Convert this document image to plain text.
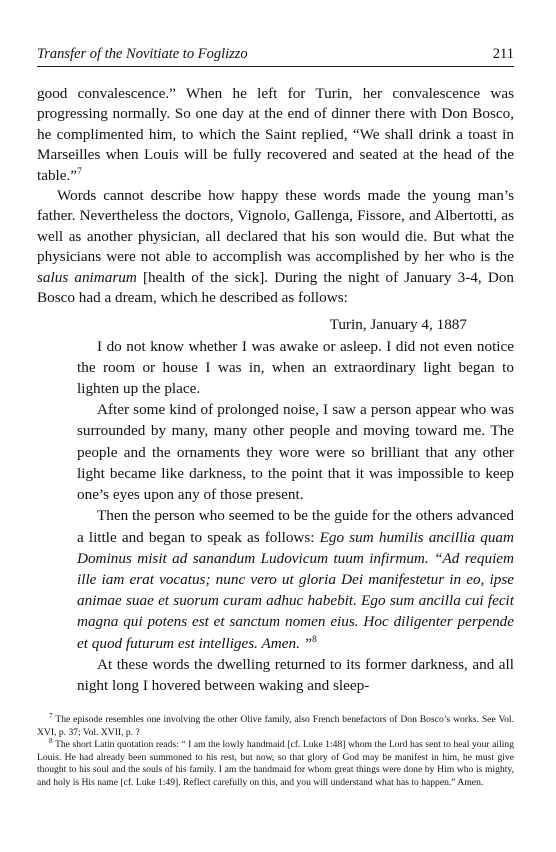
Transfer of the Novitiate to Foglizzo	211

good convalescence.” When he left for Turin, her convalescence was progressing normally. So one day at the end of dinner there with Don Bosco, he complimented him, to which the Saint replied, “We shall drink a toast in Marseilles when Louis will be fully recovered and seated at the head of the table.”$^7$

Words cannot describe how happy these words made the young man’s father. Nevertheless the doctors, Vignolo, Gallenga, Fissore, and Albertotti, as well as another physician, all declared that his son would die. But what the physicians were not able to accomplish was accomplished by her who is the salus animarum [health of the sick]. During the night of January 3-4, Don Bosco had a dream, which he described as follows:

Turin, January 4, 1887

I do not know whether I was awake or asleep. I did not even notice the room or house I was in, when an extraordinary light began to lighten up the place.

After some kind of prolonged noise, I saw a person appear who was surrounded by many, many other people and moving toward me. The people and the ornaments they wore were so brilliant that any other light became like darkness, to the point that it was impossible to keep one’s eyes upon any of those present.

Then the person who seemed to be the guide for the others advanced a little and began to speak as follows: Ego sum humilis ancillia quam Dominus misit ad sanandum Ludovicum tuum infirmum. “Ad requiem ille iam erat vocatus; nunc vero ut gloria Dei manifestetur in eo, ipse animae suae et suorum curam adhuc habebit. Ego sum ancilla cui fecit magna qui potens est et sanctum nomen eius. Hoc diligenter perpende et quod futurum est intelliges. Amen. ”$^8$

At these words the dwelling returned to its former darkness, and all night long I hovered between waking and sleep-

$^7$ The episode resembles one involving the other Olive family, also French benefactors of Don Bosco’s works. See Vol. XVI, p. 37; Vol. XVII, p. ?

$^8$ The short Latin quotation reads: “ I am the lowly handmaid [cf. Luke 1:48] whom the Lord has sent to heal your ailing Louis. He had already been summoned to his rest, but now, so that glory of God may be manifest in him, he must give thought to his soul and the souls of his family. I am the handmaid for whom great things were done by Him who is mighty, and holy is His name [cf. Luke 1:49]. Reflect carefully on this, and you will understand what has to happen.” Amen.
